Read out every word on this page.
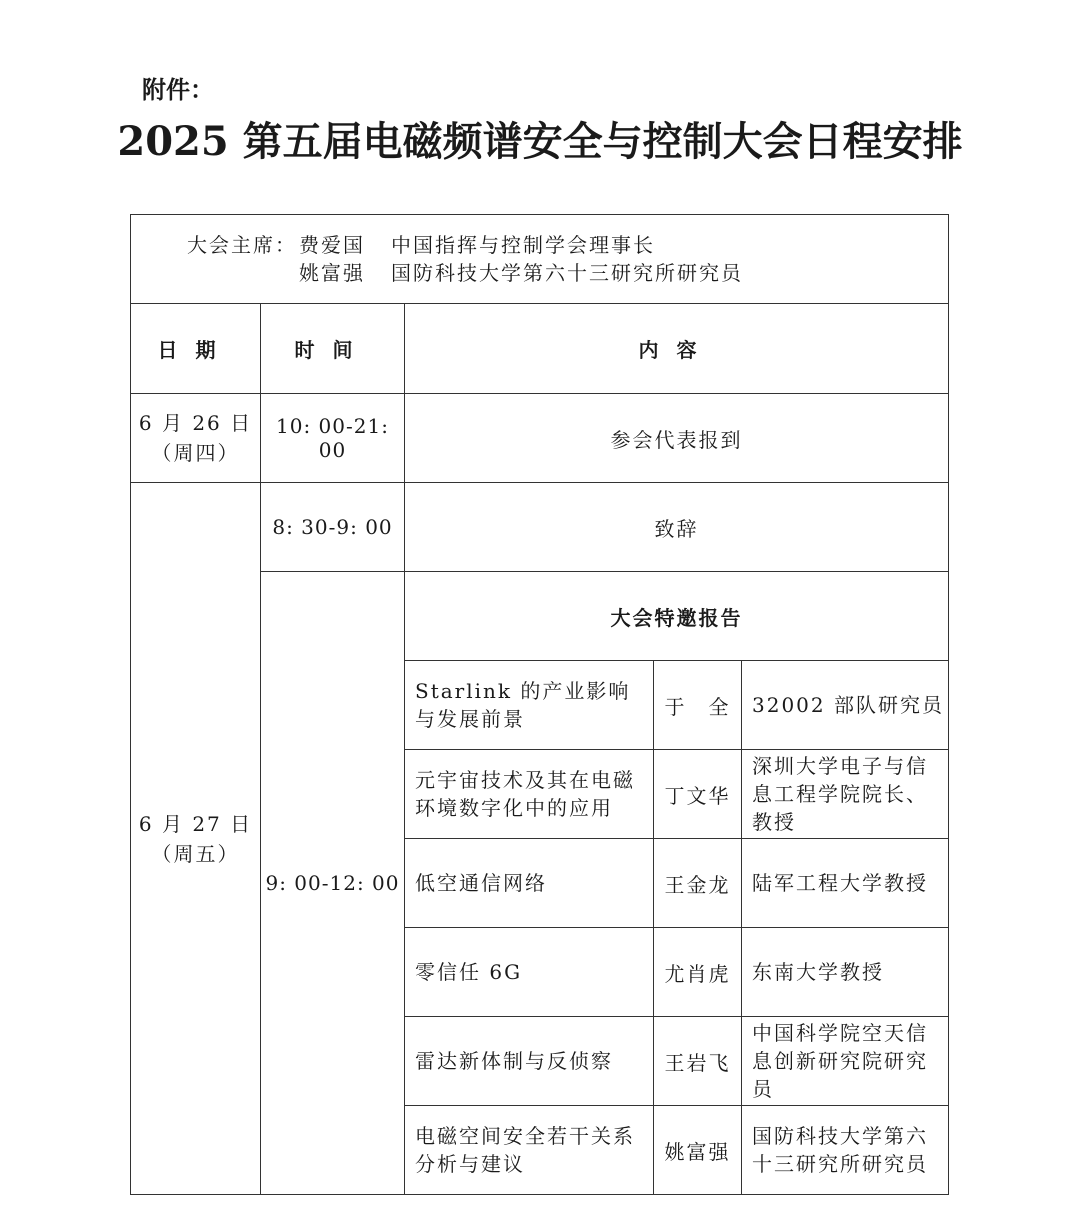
附件：
2025 第五届电磁频谱安全与控制大会日程安排
大会主席： 费爱国 中国指挥与控制学会理事长
姚富强 国防科技大学第六十三研究所研究员				

日期	时间	内容		

6 月 26 日
（周四）	10: 00-21: 00	参会代表报到		

6 月 27 日
（周五）	8: 30-9: 00	致辞		
	9: 00-12: 00	大会特邀报告		
		Starlink 的产业影响与发展前景	于　全	32002 部队研究员
		元宇宙技术及其在电磁环境数字化中的应用	丁文华	深圳大学电子与信息工程学院院长、教授
		低空通信网络	王金龙	陆军工程大学教授
		零信任 6G	尤肖虎	东南大学教授
		雷达新体制与反侦察	王岩飞	中国科学院空天信息创新研究院研究员
		电磁空间安全若干关系分析与建议	姚富强	国防科技大学第六十三研究所研究员
